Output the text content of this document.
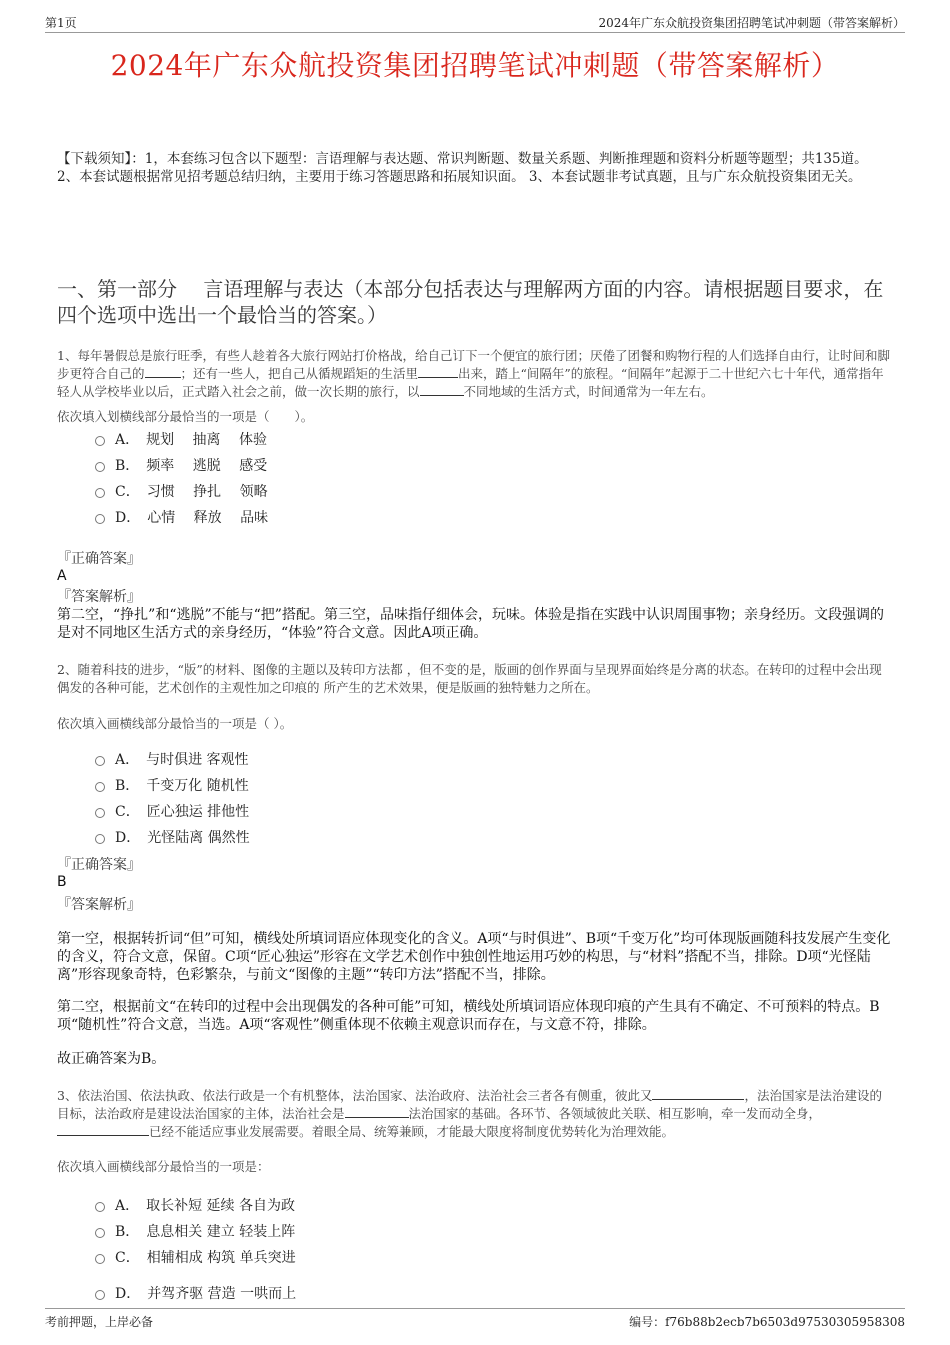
第1页	2024年广东众航投资集团招聘笔试冲刺题（带答案解析）
2024年广东众航投资集团招聘笔试冲刺题（带答案解析）
【下载须知】：1，本套练习包含以下题型：言语理解与表达题、常识判断题、数量关系题、判断推理题和资料分析题等题型；共135道。 2、本套试题根据常见招考题总结归纳，主要用于练习答题思路和拓展知识面。 3、本套试题非考试真题，且与广东众航投资集团无关。
一、第一部分　 言语理解与表达（本部分包括表达与理解两方面的内容。请根据题目要求，在四个选项中选出一个最恰当的答案。）
1、每年暑假总是旅行旺季，有些人趁着各大旅行网站打价格战，给自己订下一个便宜的旅行团；厌倦了团餐和购物行程的人们选择自由行，让时间和脚步更符合自己的	；还有一些人，把自己从循规蹈矩的生活里	出来，踏上“间隔年”的旅程。“间隔年”起源于二十世纪六七十年代，通常指年轻人从学校毕业以后，正式踏入社会之前，做一次长期的旅行，以	不同地域的生活方式，时间通常为一年左右。
依次填入划横线部分最恰当的一项是（　　）。
A．　规划　 抽离　 体验
B．　频率　 逃脱　 感受
C．　习惯　 挣扎　 领略
D．　心情　 释放　 品味
『正确答案』
A
『答案解析』
第二空，“挣扎”和“逃脱”不能与“把”搭配。第三空，品味指仔细体会，玩味。体验是指在实践中认识周围事物；亲身经历。文段强调的是对不同地区生活方式的亲身经历，“体验”符合文意。因此A项正确。
2、随着科技的进步，“版”的材料、图像的主题以及转印方法都 ，但不变的是，版画的创作界面与呈现界面始终是分离的状态。在转印的过程中会出现偶发的各种可能，艺术创作的主观性加之印痕的 所产生的艺术效果，便是版画的独特魅力之所在。
依次填入画横线部分最恰当的一项是（ ）。
A．　与时俱进 客观性
B．　千变万化 随机性
C．　匠心独运 排他性
D．　光怪陆离 偶然性
『正确答案』
B
『答案解析』
第一空，根据转折词“但”可知，横线处所填词语应体现变化的含义。A项“与时俱进”、B项“千变万化”均可体现版画随科技发展产生变化的含义，符合文意，保留。C项“匠心独运”形容在文学艺术创作中独创性地运用巧妙的构思，与“材料”搭配不当，排除。D项“光怪陆离”形容现象奇特，色彩繁杂，与前文“图像的主题”“转印方法”搭配不当，排除。
第二空，根据前文“在转印的过程中会出现偶发的各种可能”可知，横线处所填词语应体现印痕的产生具有不确定、不可预料的特点。B项“随机性”符合文意，当选。A项“客观性”侧重体现不依赖主观意识而存在，与文意不符，排除。
故正确答案为B。
3、依法治国、依法执政、依法行政是一个有机整体，法治国家、法治政府、法治社会三者各有侧重，彼此又	，法治国家是法治建设的目标，法治政府是建设法治国家的主体，法治社会是	法治国家的基础。各环节、各领域彼此关联、相互影响，牵一发而动全身，已经不能适应事业发展需要。着眼全局、统筹兼顾，才能最大限度将制度优势转化为治理效能。
依次填入画横线部分最恰当的一项是：
A．　取长补短 延续 各自为政
B．　息息相关 建立 轻装上阵
C．　相辅相成 构筑 单兵突进
D．　并驾齐驱 营造 一哄而上
考前押题，上岸必备	编号：f76b88b2ecb7b6503d97530305958308
